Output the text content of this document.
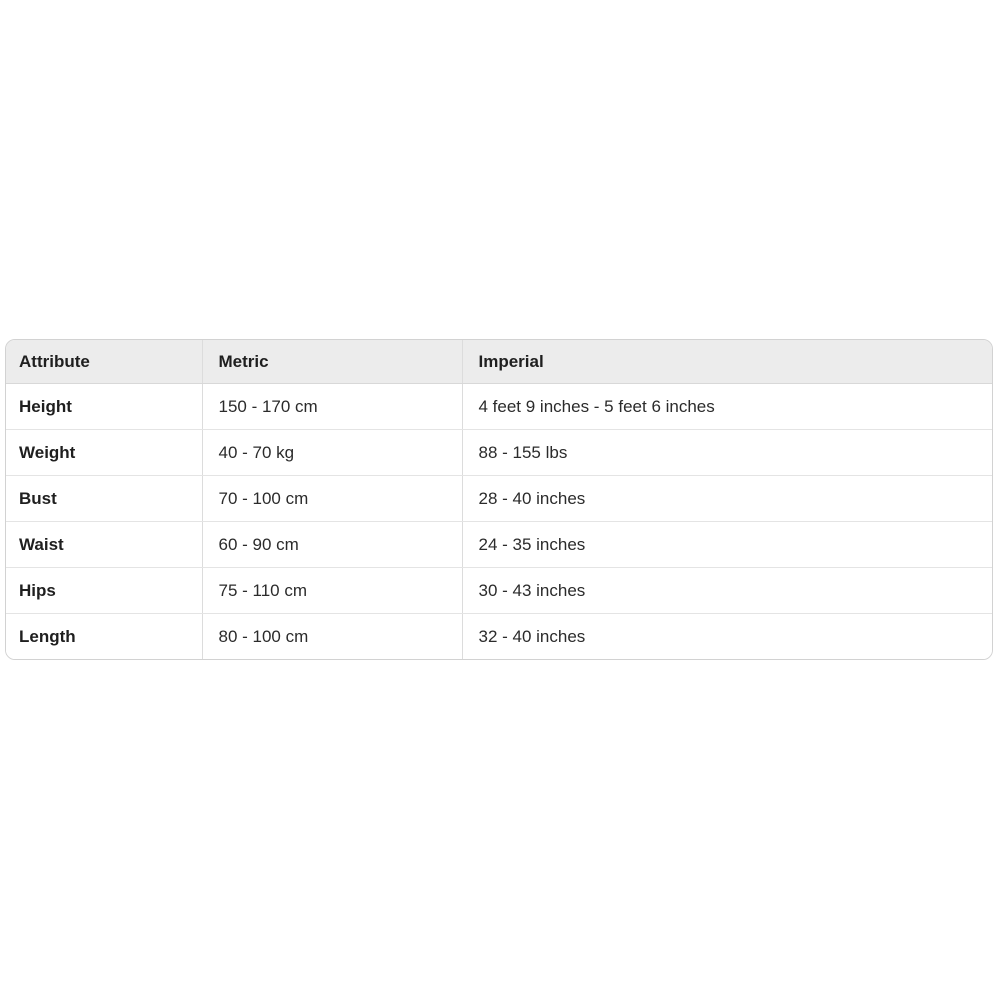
Attribute	Metric	Imperial
Height	150 - 170 cm	4 feet 9 inches - 5 feet 6 inches
Weight	40 - 70 kg	88 - 155 lbs
Bust	70 - 100 cm	28 - 40 inches
Waist	60 - 90 cm	24 - 35 inches
Hips	75 - 110 cm	30 - 43 inches
Length	80 - 100 cm	32 - 40 inches
